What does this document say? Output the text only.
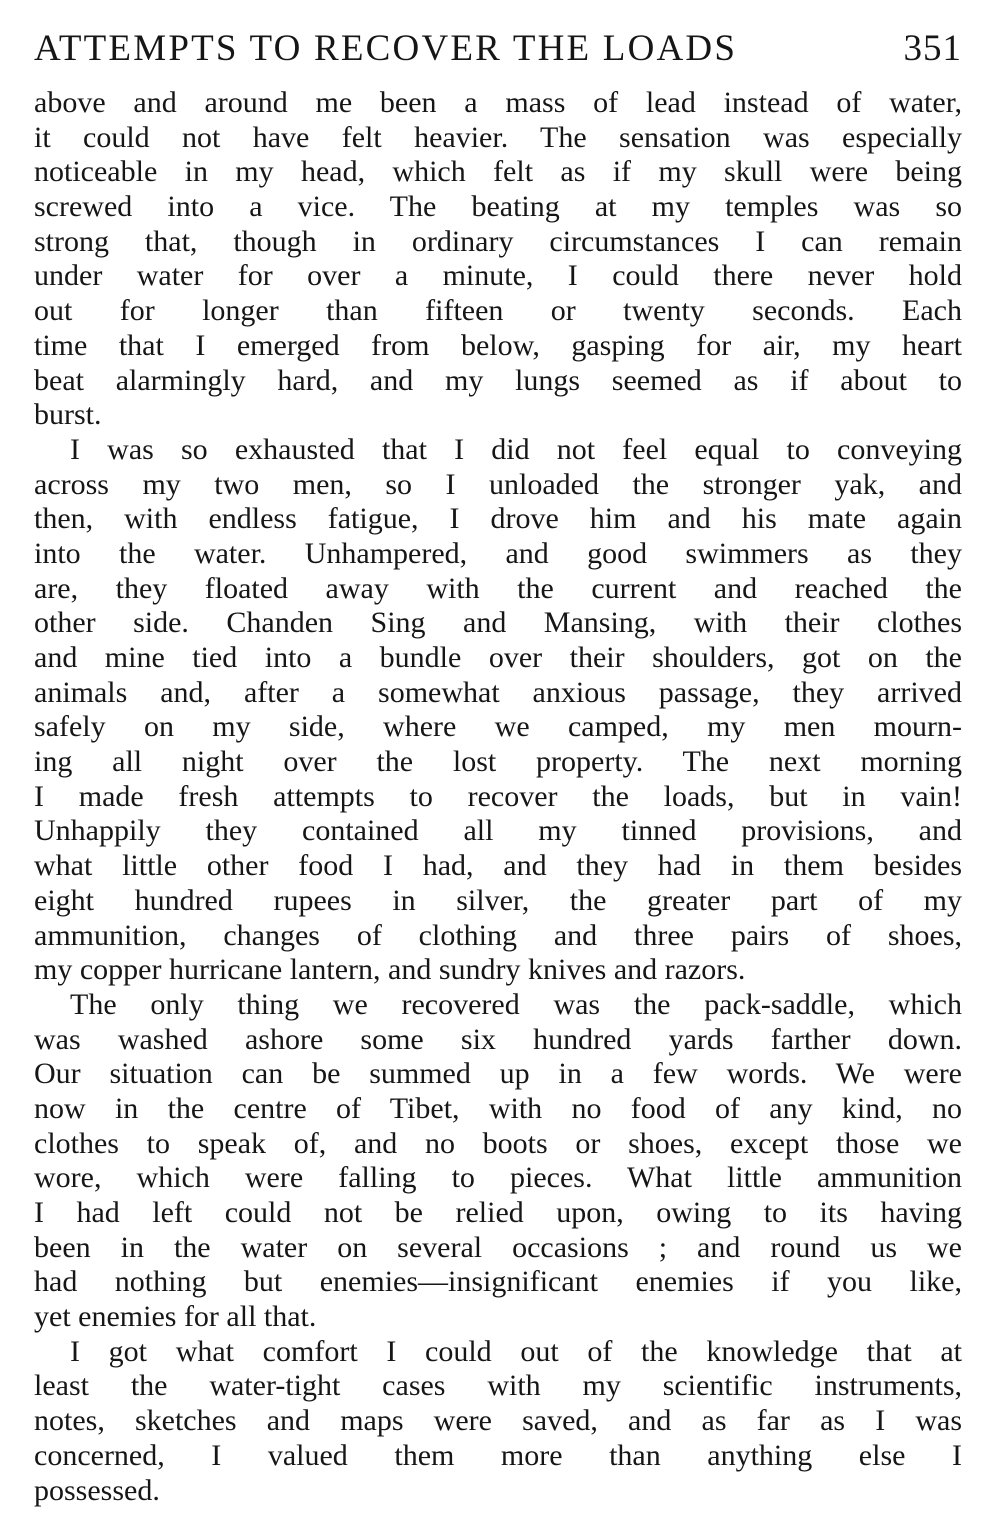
ATTEMPTS TO RECOVER THE LOADS	351
above and around me been a mass of lead instead of water,
it could not have felt heavier. The sensation was especially
noticeable in my head, which felt as if my skull were being
screwed into a vice. The beating at my temples was so
strong that, though in ordinary circumstances I can remain
under water for over a minute, I could there never hold
out for longer than fifteen or twenty seconds. Each
time that I emerged from below, gasping for air, my heart
beat alarmingly hard, and my lungs seemed as if about to
burst.
I was so exhausted that I did not feel equal to conveying
across my two men, so I unloaded the stronger yak, and
then, with endless fatigue, I drove him and his mate again
into the water. Unhampered, and good swimmers as they
are, they floated away with the current and reached the
other side. Chanden Sing and Mansing, with their clothes
and mine tied into a bundle over their shoulders, got on the
animals and, after a somewhat anxious passage, they arrived
safely on my side, where we camped, my men mourn-
ing all night over the lost property. The next morning
I made fresh attempts to recover the loads, but in vain!
Unhappily they contained all my tinned provisions, and
what little other food I had, and they had in them besides
eight hundred rupees in silver, the greater part of my
ammunition, changes of clothing and three pairs of shoes,
my copper hurricane lantern, and sundry knives and razors.
The only thing we recovered was the pack-saddle, which
was washed ashore some six hundred yards farther down.
Our situation can be summed up in a few words. We were
now in the centre of Tibet, with no food of any kind, no
clothes to speak of, and no boots or shoes, except those we
wore, which were falling to pieces. What little ammunition
I had left could not be relied upon, owing to its having
been in the water on several occasions ; and round us we
had nothing but enemies—insignificant enemies if you like,
yet enemies for all that.
I got what comfort I could out of the knowledge that at
least the water-tight cases with my scientific instruments,
notes, sketches and maps were saved, and as far as I was
concerned, I valued them more than anything else I
possessed.
